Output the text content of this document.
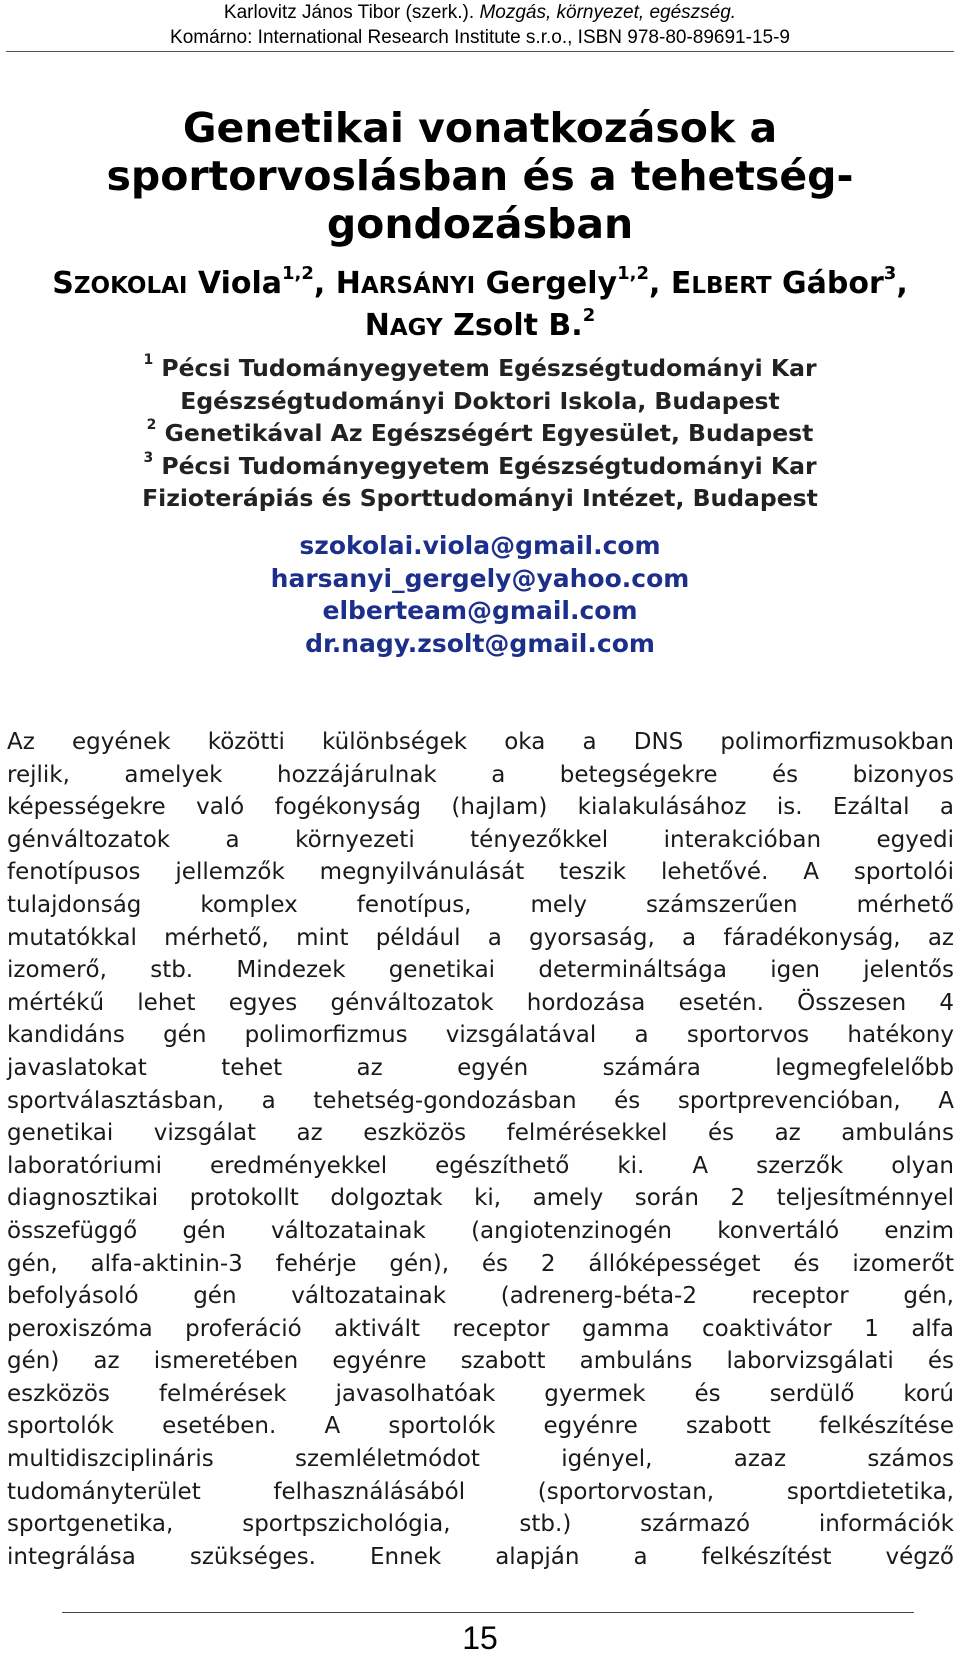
Karlovitz János Tibor (szerk.). Mozgás, környezet, egészség.
Komárno: International Research Institute s.r.o., ISBN 978-80-89691-15-9
Genetikai vonatkozások a
sportorvoslásban és a tehetség-
gondozásban
SZOKOLAI Viola$^{1,2}$, HARSÁNYI Gergely$^{1,2}$, ELBERT Gábor$^3$,
NAGY Zsolt B.$^2$
$^1$ Pécsi Tudományegyetem Egészségtudományi Kar
Egészségtudományi Doktori Iskola, Budapest
$^2$ Genetikával Az Egészségért Egyesület, Budapest
$^3$ Pécsi Tudományegyetem Egészségtudományi Kar
Fizioterápiás és Sporttudományi Intézet, Budapest
szokolai.viola@gmail.com
harsanyi_gergely@yahoo.com
elberteam@gmail.com
dr.nagy.zsolt@gmail.com
Az egyének közötti különbségek oka a DNS polimorfizmusokban
rejlik, amelyek hozzájárulnak a betegségekre és bizonyos
képességekre való fogékonyság (hajlam) kialakulásához is. Ezáltal a
génváltozatok a környezeti tényezőkkel interakcióban egyedi
fenotípusos jellemzők megnyilvánulását teszik lehetővé. A sportolói
tulajdonság komplex fenotípus, mely számszerűen mérhető
mutatókkal mérhető, mint például a gyorsaság, a fáradékonyság, az
izomerő, stb. Mindezek genetikai determináltsága igen jelentős
mértékű lehet egyes génváltozatok hordozása esetén. Összesen 4
kandidáns gén polimorfizmus vizsgálatával a sportorvos hatékony
javaslatokat tehet az egyén számára legmegfelelőbb
sportválasztásban, a tehetség-gondozásban és sportprevencióban, A
genetikai vizsgálat az eszközös felmérésekkel és az ambuláns
laboratóriumi eredményekkel egészíthető ki. A szerzők olyan
diagnosztikai protokollt dolgoztak ki, amely során 2 teljesítménnyel
összefüggő gén változatainak (angiotenzinogén konvertáló enzim
gén, alfa-aktinin-3 fehérje gén), és 2 állóképességet és izomerőt
befolyásoló gén változatainak (adrenerg-béta-2 receptor gén,
peroxiszóma proferáció aktivált receptor gamma coaktivátor 1 alfa
gén) az ismeretében egyénre szabott ambuláns laborvizsgálati és
eszközös felmérések javasolhatóak gyermek és serdülő korú
sportolók esetében. A sportolók egyénre szabott felkészítése
multidiszciplináris szemléletmódot igényel, azaz számos
tudományterület felhasználásából (sportorvostan, sportdietetika,
sportgenetika, sportpszichológia, stb.) származó információk
integrálása szükséges. Ennek alapján a felkészítést végző
15
